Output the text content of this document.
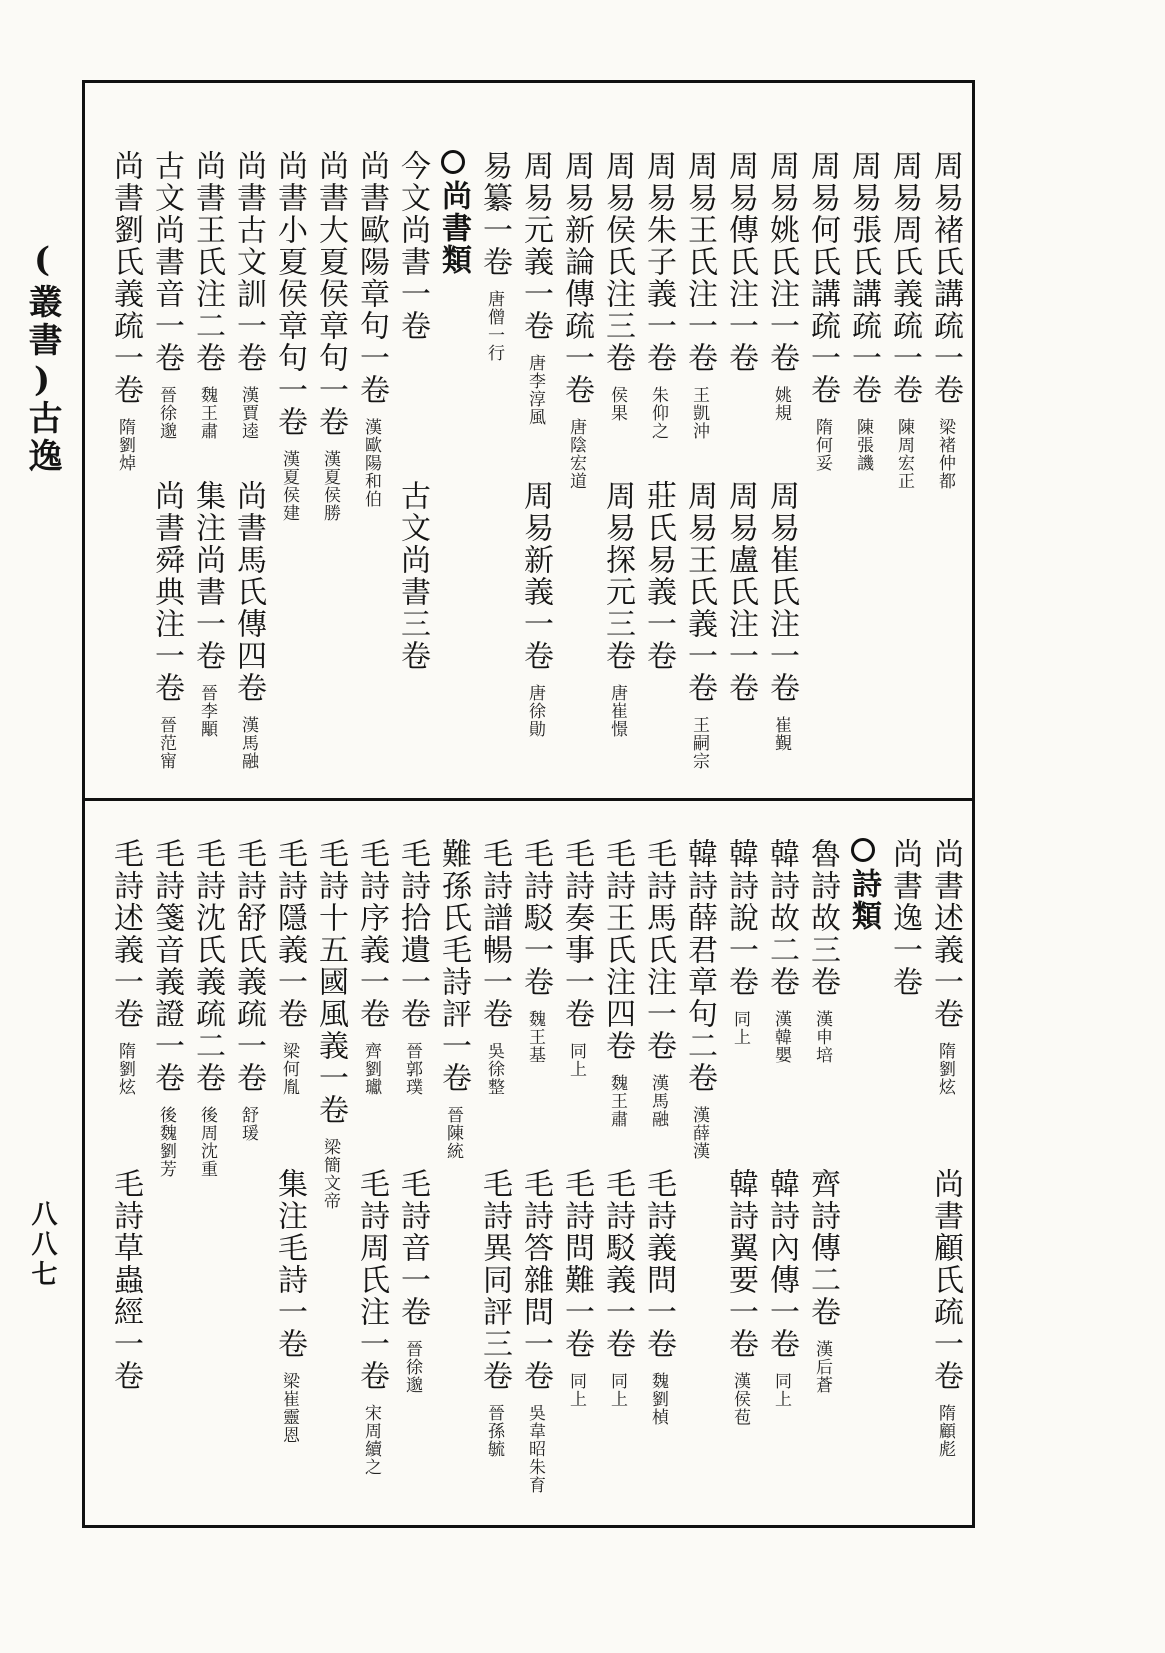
(叢書)
古逸
八八七
周易褚氏講疏一卷梁褚仲都
周易周氏義疏一卷陳周宏正
周易張氏講疏一卷陳張譏
周易何氏講疏一卷隋何妥
周易姚氏注一卷姚規
周易崔氏注一卷崔覲
周易傳氏注一卷
周易盧氏注一卷
周易王氏注一卷王凱沖
周易王氏義一卷王嗣宗
周易朱子義一卷朱仰之
莊氏易義一卷
周易侯氏注三卷侯果
周易探元三卷唐崔憬
周易新論傳疏一卷唐陰宏道
周易元義一卷唐李淳風
周易新義一卷唐徐勛
易纂一卷唐僧一行
尚書類
今文尚書一卷
古文尚書三卷
尚書歐陽章句一卷漢歐陽和伯
尚書大夏侯章句一卷漢夏侯勝
尚書小夏侯章句一卷漢夏侯建
尚書古文訓一卷漢賈逵
尚書馬氏傳四卷漢馬融
尚書王氏注二卷魏王肅
集注尚書一卷晉李顒
古文尚書音一卷晉徐邈
尚書舜典注一卷晉范甯
尚書劉氏義疏一卷隋劉焯
尚書述義一卷隋劉炫
尚書顧氏疏一卷隋顧彪
尚書逸一卷
詩類
魯詩故三卷漢申培
齊詩傳二卷漢后蒼
韓詩故二卷漢韓嬰
韓詩內傳一卷同上
韓詩說一卷同上
韓詩翼要一卷漢侯苞
韓詩薛君章句二卷漢薛漢
毛詩馬氏注一卷漢馬融
毛詩義問一卷魏劉楨
毛詩王氏注四卷魏王肅
毛詩駁義一卷同上
毛詩奏事一卷同上
毛詩問難一卷同上
毛詩駁一卷魏王基
毛詩答雜問一卷吳韋昭朱育
毛詩譜暢一卷吳徐整
毛詩異同評三卷晉孫毓
難孫氏毛詩評一卷晉陳統
毛詩拾遺一卷晉郭璞
毛詩音一卷晉徐邈
毛詩序義一卷齊劉瓛
毛詩周氏注一卷宋周續之
毛詩十五國風義一卷梁簡文帝
毛詩隱義一卷梁何胤
集注毛詩一卷梁崔靈恩
毛詩舒氏義疏一卷舒瑗
毛詩沈氏義疏二卷後周沈重
毛詩箋音義證一卷後魏劉芳
毛詩述義一卷隋劉炫
毛詩草蟲經一卷
